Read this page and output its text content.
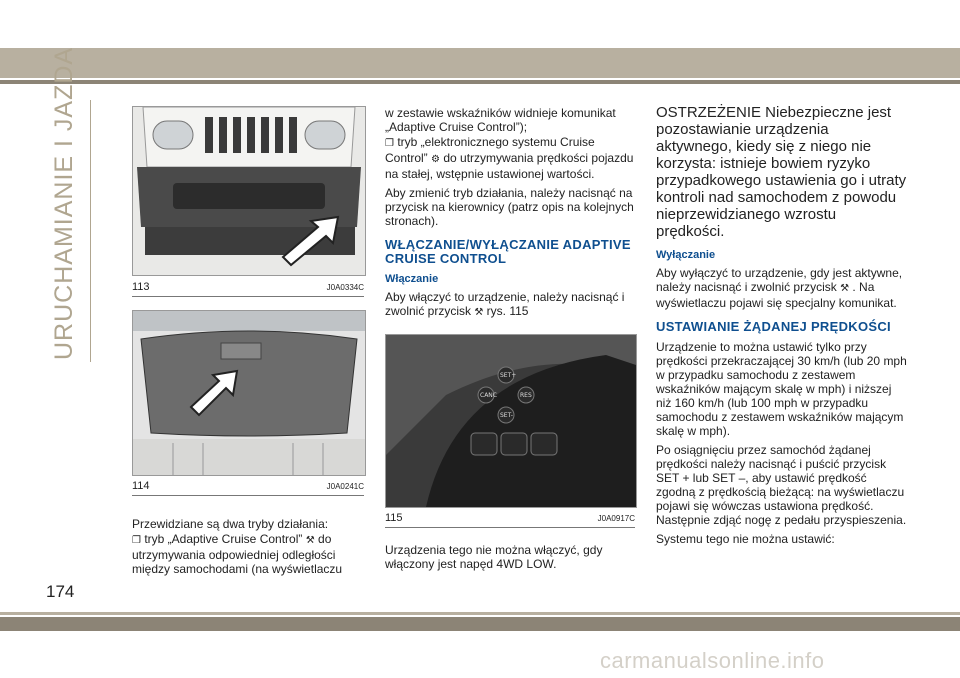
URUCHAMIANIE I JAZDA	113	J0A0334C
114	J0A0241C

Przewidziane są dwa tryby działania:

❐ tryb „Adaptive Cruise Control” ⚒ do utrzymywania odpowiedniej odległości między samochodami (na wyświetlaczu

w zestawie wskaźników widnieje komunikat „Adaptive Cruise Control”);

❐ tryb „elektronicznego systemu Cruise Control” ⚙ do utrzymywania prędkości pojazdu na stałej, wstępnie ustawionej wartości.

Aby zmienić tryb działania, należy nacisnąć na przycisk na kierownicy (patrz opis na kolejnych stronach).

WŁĄCZANIE/WYŁĄCZANIE ADAPTIVE CRUISE CONTROL
Włączanie

Aby włączyć to urządzenie, należy nacisnąć i zwolnić przycisk ⚒ rys. 115

SET+
CANC	RES
SET-
115	J0A0917C

Urządzenia tego nie można włączyć, gdy włączony jest napęd 4WD LOW.

OSTRZEŻENIE Niebezpieczne jest pozostawianie urządzenia aktywnego, kiedy się z niego nie korzysta: istnieje bowiem ryzyko przypadkowego ustawienia go i utraty kontroli nad samochodem z powodu nieprzewidzianego wzrostu prędkości.
Wyłączanie

Aby wyłączyć to urządzenie, gdy jest aktywne, należy nacisnąć i zwolnić przycisk ⚒ . Na wyświetlaczu pojawi się specjalny komunikat.

USTAWIANIE ŻĄDANEJ PRĘDKOŚCI

Urządzenie to można ustawić tylko przy prędkości przekraczającej 30 km/h (lub 20 mph w przypadku samochodu z zestawem wskaźników mającym skalę w mph) i niższej niż 160 km/h (lub 100 mph w przypadku samochodu z zestawem wskaźników mającym skalę w mph).

Po osiągnięciu przez samochód żądanej prędkości należy nacisnąć i puścić przycisk SET + lub SET –, aby ustawić prędkość zgodną z prędkością bieżącą: na wyświetlaczu pojawi się wówczas ustawiona prędkość. Następnie zdjąć nogę z pedału przyspieszenia.

Systemu tego nie można ustawić:

174
carmanualsonline.info
